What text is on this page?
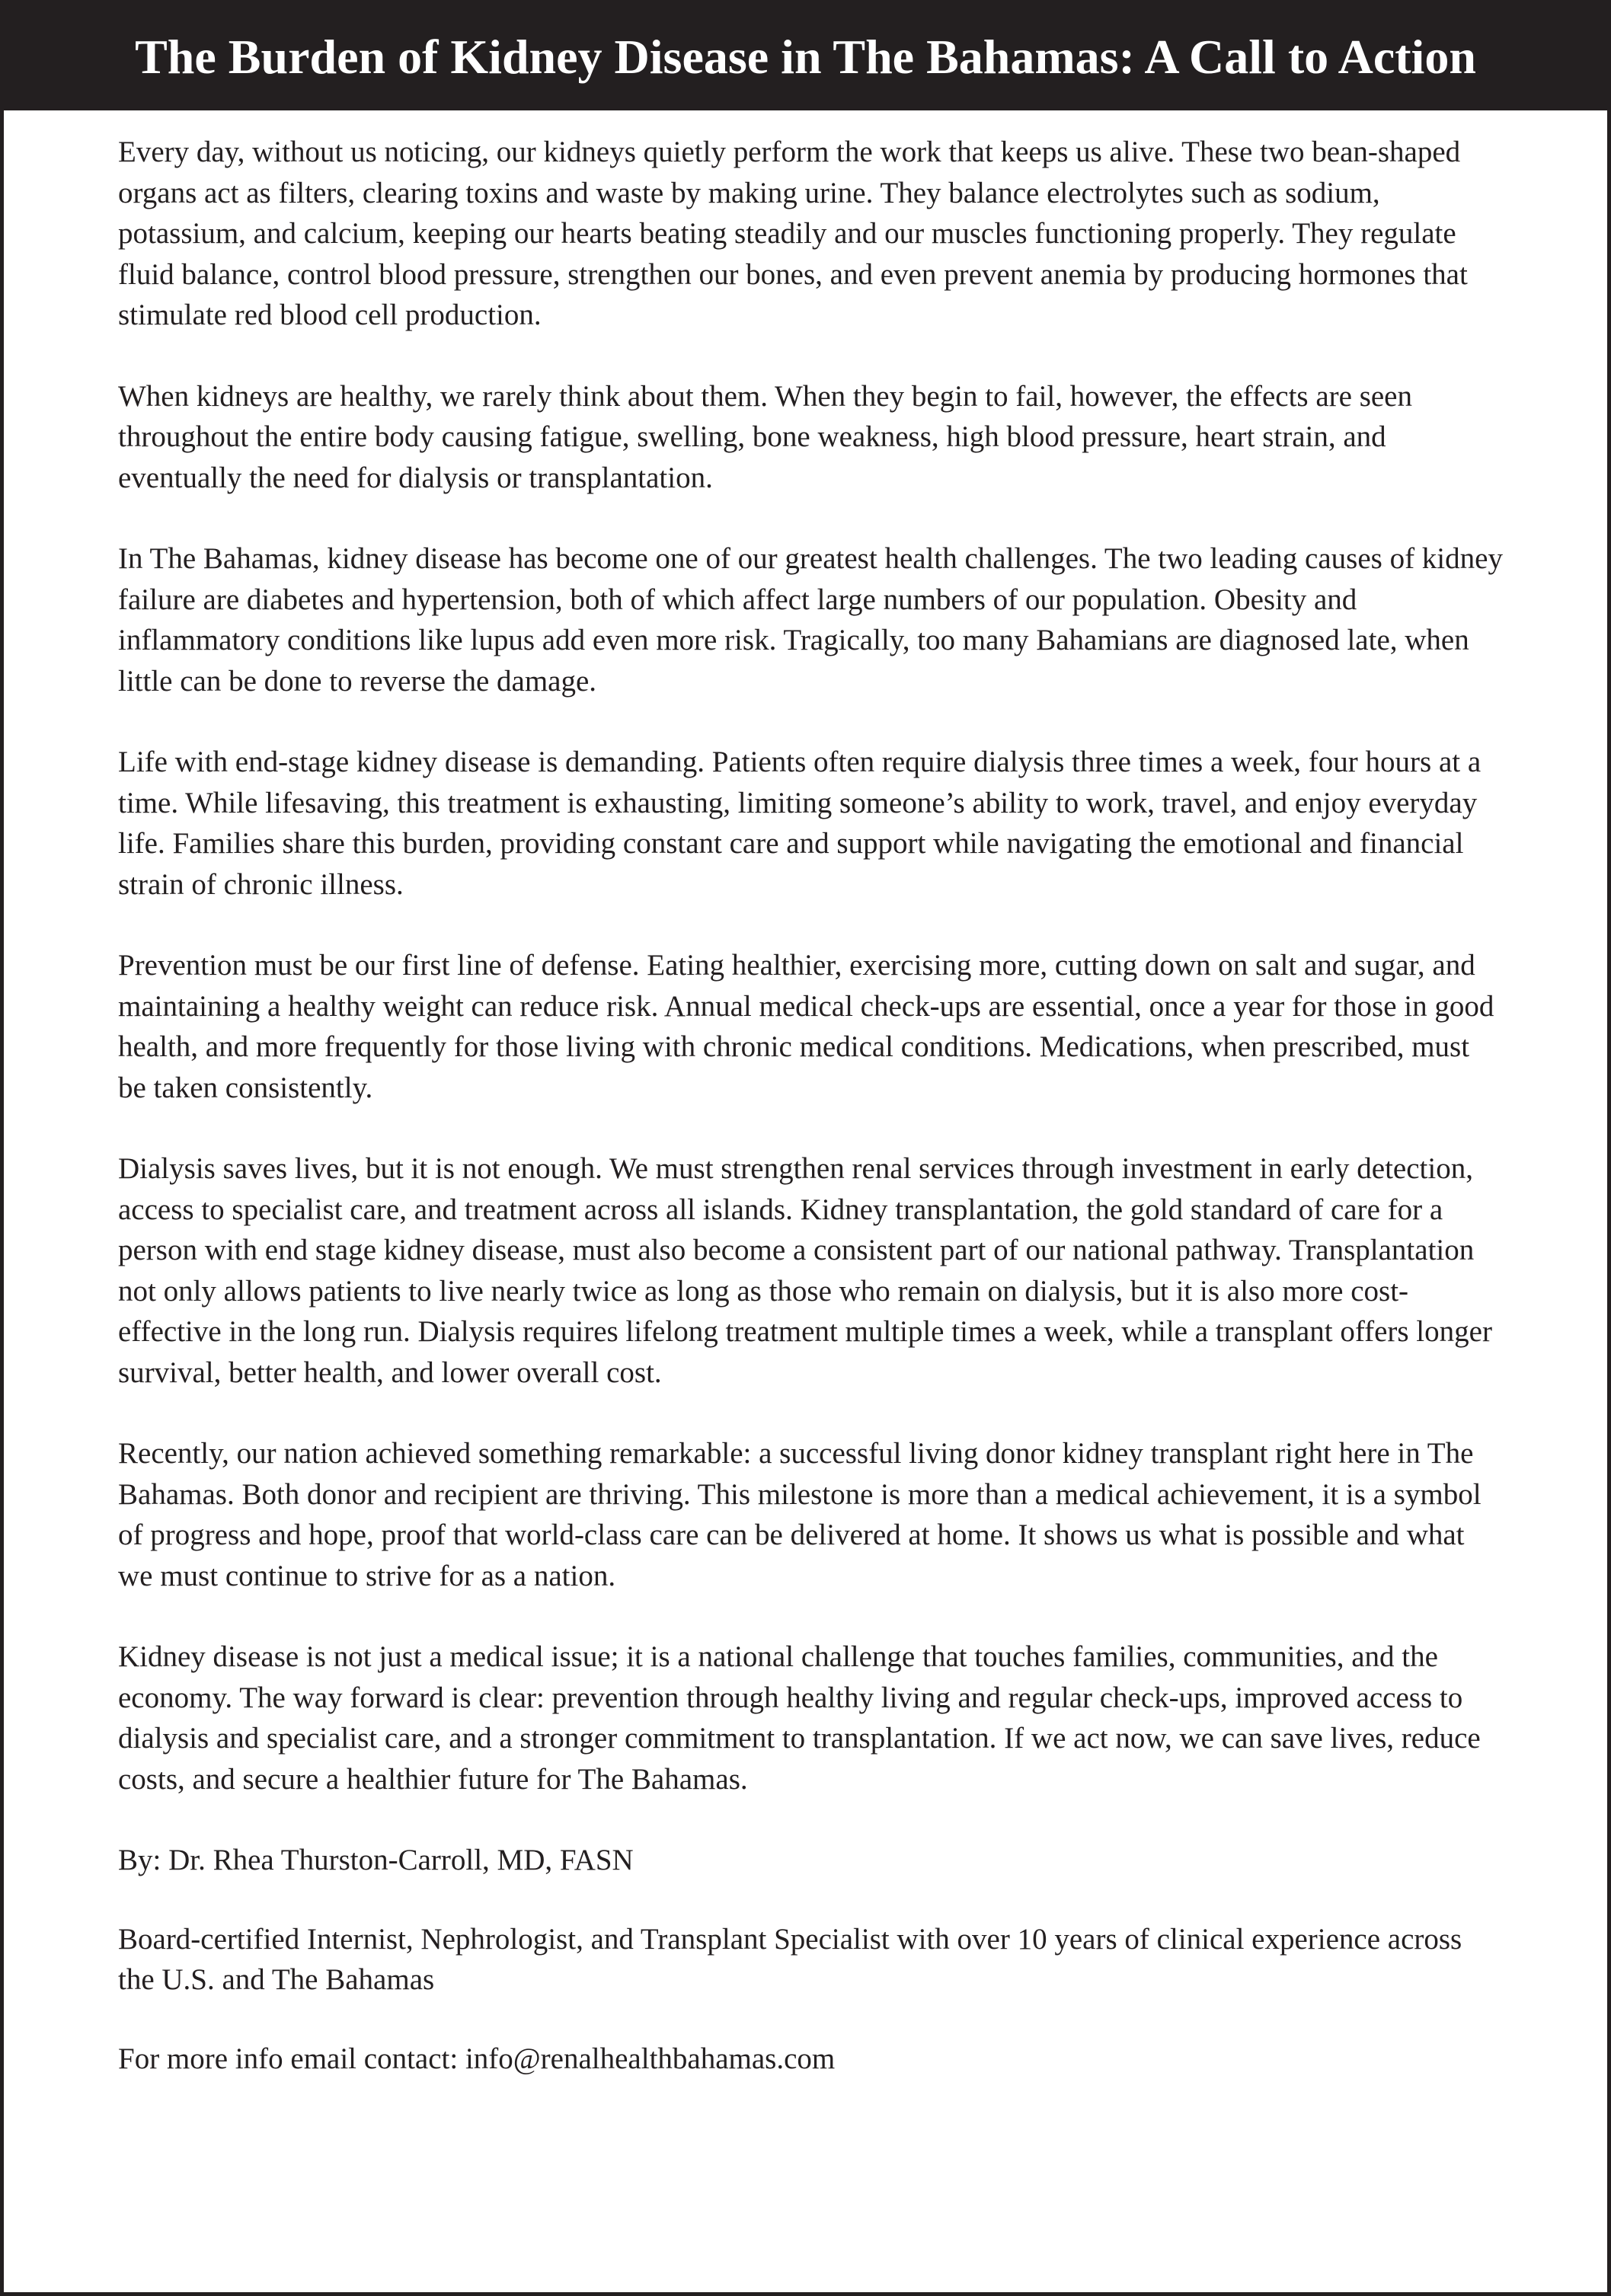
The Burden of Kidney Disease in The Bahamas: A Call to Action

Every day, without us noticing, our kidneys quietly perform the work that keeps us alive. These two bean-shaped organs act as filters, clearing toxins and waste by making urine. They balance electrolytes such as sodium, potassium, and calcium, keeping our hearts beating steadily and our muscles functioning properly. They regulate fluid balance, control blood pressure, strengthen our bones, and even prevent anemia by producing hormones that stimulate red blood cell production.

When kidneys are healthy, we rarely think about them. When they begin to fail, however, the effects are seen throughout the entire body causing fatigue, swelling, bone weakness, high blood pressure, heart strain, and eventually the need for dialysis or transplantation.

In The Bahamas, kidney disease has become one of our greatest health challenges. The two leading causes of kidney failure are diabetes and hypertension, both of which affect large numbers of our population. Obesity and inflammatory conditions like lupus add even more risk. Tragically, too many Bahamians are diagnosed late, when little can be done to reverse the damage.

Life with end-stage kidney disease is demanding. Patients often require dialysis three times a week, four hours at a time. While lifesaving, this treatment is exhausting, limiting someone’s ability to work, travel, and enjoy everyday life. Families share this burden, providing constant care and support while navigating the emotional and financial strain of chronic illness.

Prevention must be our first line of defense. Eating healthier, exercising more, cutting down on salt and sugar, and maintaining a healthy weight can reduce risk. Annual medical check-ups are essential, once a year for those in good health, and more frequently for those living with chronic medical conditions. Medications, when prescribed, must be taken consistently.

Dialysis saves lives, but it is not enough. We must strengthen renal services through investment in early detection, access to specialist care, and treatment across all islands. Kidney transplantation, the gold standard of care for a person with end stage kidney disease, must also become a consistent part of our national pathway. Transplantation not only allows patients to live nearly twice as long as those who remain on dialysis, but it is also more cost-effective in the long run. Dialysis requires lifelong treatment multiple times a week, while a transplant offers longer survival, better health, and lower overall cost.

Recently, our nation achieved something remarkable: a successful living donor kidney transplant right here in The Bahamas. Both donor and recipient are thriving. This milestone is more than a medical achievement, it is a symbol of progress and hope, proof that world-class care can be delivered at home. It shows us what is possible and what we must continue to strive for as a nation.

Kidney disease is not just a medical issue; it is a national challenge that touches families, communities, and the economy. The way forward is clear: prevention through healthy living and regular check-ups, improved access to dialysis and specialist care, and a stronger commitment to transplantation. If we act now, we can save lives, reduce costs, and secure a healthier future for The Bahamas.

By: Dr. Rhea Thurston-Carroll, MD, FASN

Board-certified Internist, Nephrologist, and Transplant Specialist with over 10 years of clinical experience across the U.S. and The Bahamas

For more info email contact: info@renalhealthbahamas.com
